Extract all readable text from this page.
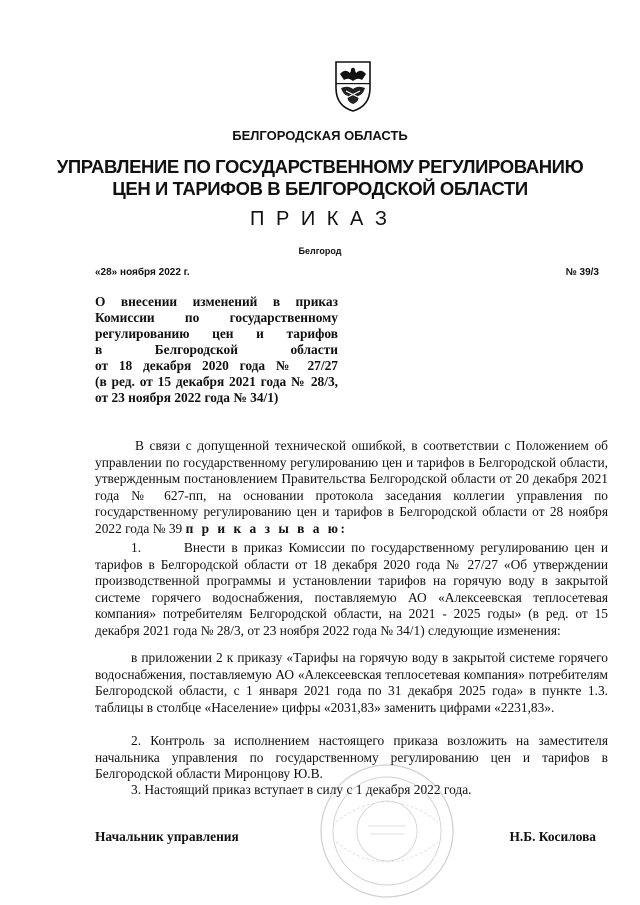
БЕЛГОРОДСКАЯ ОБЛАСТЬ
УПРАВЛЕНИЕ ПО ГОСУДАРСТВЕННОМУ РЕГУЛИРОВАНИЮ
ЦЕН И ТАРИФОВ В БЕЛГОРОДСКОЙ ОБЛАСТИ
П Р И К А З
Белгород
«28» ноября 2022 г.	№ 39/3
О внесении изменений в приказ
Комиссии по государственному
регулированию цен и тарифов
в Белгородской области
от 18 декабря 2020 года № 27/27
(в ред. от 15 декабря 2021 года № 28/3,
от 23 ноября 2022 года № 34/1)
В связи с допущенной технической ошибкой, в соответствии с Положением об управлении по государственному регулированию цен и тарифов в Белгородской области, утвержденным постановлением Правительства Белгородской области от 20 декабря 2021 года № 627-пп, на основании протокола заседания коллегии управления по государственному регулированию цен и тарифов в Белгородской области от 28 ноября 2022 года № 39 п р и к а з ы в а ю:
1.	Внести в приказ Комиссии по государственному регулированию цен и тарифов в Белгородской области от 18 декабря 2020 года № 27/27 «Об утверждении производственной программы и установлении тарифов на горячую воду в закрытой системе горячего водоснабжения, поставляемую АО «Алексеевская теплосетевая компания» потребителям Белгородской области, на 2021 - 2025 годы» (в ред. от 15 декабря 2021 года № 28/3, от 23 ноября 2022 года № 34/1) следующие изменения:
в приложении 2 к приказу «Тарифы на горячую воду в закрытой системе горячего водоснабжения, поставляемую АО «Алексеевская теплосетевая компания» потребителям Белгородской области, с 1 января 2021 года по 31 декабря 2025 года» в пункте 1.3. таблицы в столбце «Население» цифры «2031,83» заменить цифрами «2231,83».
2. Контроль за исполнением настоящего приказа возложить на заместителя начальника управления по государственному регулированию цен и тарифов в Белгородской области Миронцову Ю.В.
3. Настоящий приказ вступает в силу с 1 декабря 2022 года.
Начальник управления	Н.Б. Косилова
